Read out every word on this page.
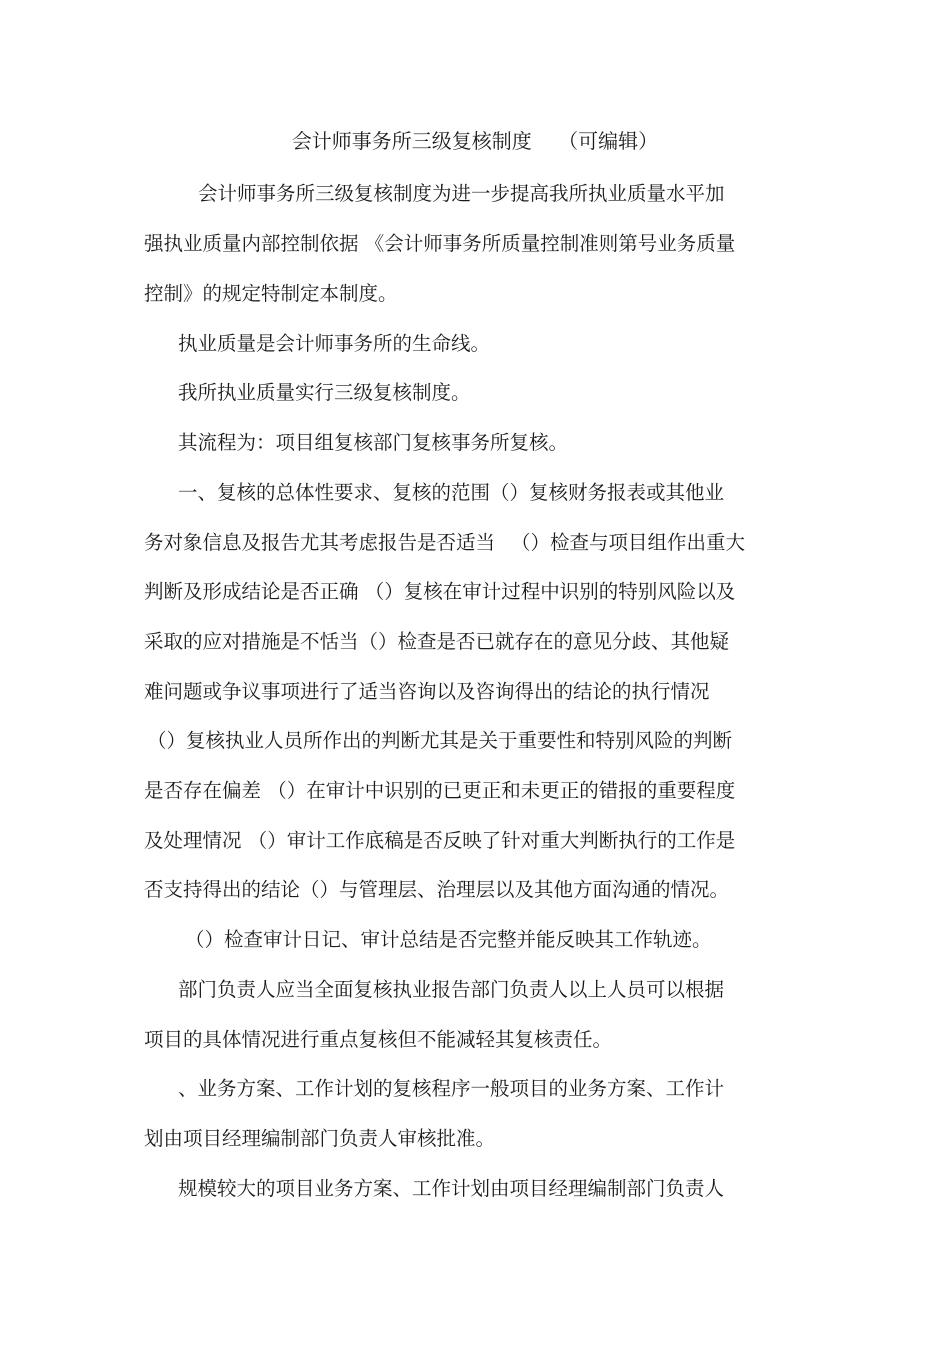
会计师事务所三级复核制度　 （可编辑）
会计师事务所三级复核制度为进一步提高我所执业质量水平加
强执业质量内部控制依据 《会计师事务所质量控制准则第号业务质量
控制》的规定特制定本制度。
执业质量是会计师事务所的生命线。
我所执业质量实行三级复核制度。
其流程为：项目组复核部门复核事务所复核。
一、复核的总体性要求、复核的范围（）复核财务报表或其他业
务对象信息及报告尤其考虑报告是否适当 　（）检查与项目组作出重大
判断及形成结论是否正确 （）复核在审计过程中识别的特别风险以及
采取的应对措施是不恬当（）检查是否已就存在的意见分歧、其他疑
难问题或争议事项进行了适当咨询以及咨询得出的结论的执行情况
（）复核执业人员所作出的判断尤其是关于重要性和特别风险的判断
是否存在偏差 （）在审计中识别的已更正和未更正的错报的重要程度
及处理情况 （）审计工作底稿是否反映了针对重大判断执行的工作是
否支持得出的结论（）与管理层、治理层以及其他方面沟通的情况。
（）检查审计日记、审计总结是否完整并能反映其工作轨迹。
部门负责人应当全面复核执业报告部门负责人以上人员可以根据
项目的具体情况进行重点复核但不能减轻其复核责任。
、业务方案、工作计划的复核程序一般项目的业务方案、工作计
划由项目经理编制部门负责人审核批准。
规模较大的项目业务方案、工作计划由项目经理编制部门负责人
